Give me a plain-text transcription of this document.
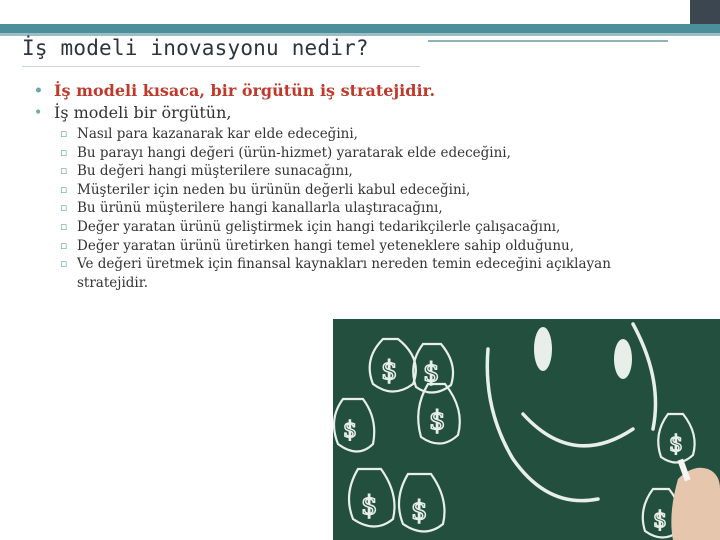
İş modeli inovasyonu nedir?
• İş modeli kısaca, bir örgütün iş stratejidir.
• İş modeli bir örgütün,
▫ Nasıl para kazanarak kar elde edeceğini,
▫ Bu parayı hangi değeri (ürün-hizmet) yaratarak elde edeceğini,
▫ Bu değeri hangi müşterilere sunacağını,
▫ Müşteriler için neden bu ürünün değerli kabul edeceğini,
▫ Bu ürünü müşterilere hangi kanallarla ulaştıracağını,
▫ Değer yaratan ürünü geliştirmek için hangi tedarikçilerle çalışacağını,
▫ Değer yaratan ürünü üretirken hangi temel yeteneklere sahip olduğunu,
▫ Ve değeri üretmek için finansal kaynakları nereden temin edeceğini açıklayan stratejidir.
$ $
$	$
$
$ $	$
